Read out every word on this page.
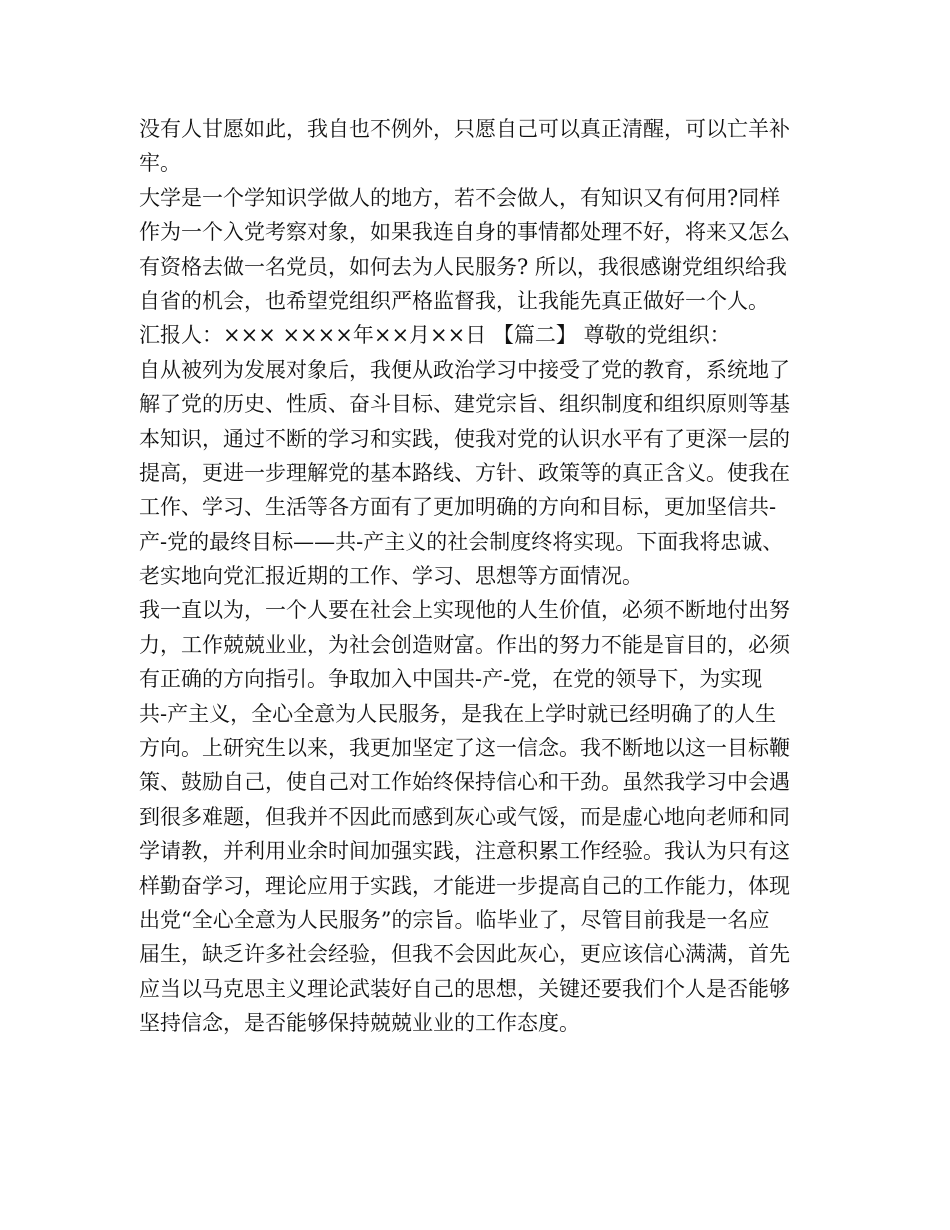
没有人甘愿如此，我自也不例外，只愿自己可以真正清醒，可以亡羊补
牢。
大学是一个学知识学做人的地方，若不会做人，有知识又有何用?同样
作为一个入党考察对象，如果我连自身的事情都处理不好，将来又怎么
有资格去做一名党员，如何去为人民服务? 所以，我很感谢党组织给我
自省的机会，也希望党组织严格监督我，让我能先真正做好一个人。
汇报人：××× ××××年××月××日 【篇二】 尊敬的党组织：
自从被列为发展对象后，我便从政治学习中接受了党的教育，系统地了
解了党的历史、性质、奋斗目标、建党宗旨、组织制度和组织原则等基
本知识，通过不断的学习和实践，使我对党的认识水平有了更深一层的
提高，更进一步理解党的基本路线、方针、政策等的真正含义。使我在
工作、学习、生活等各方面有了更加明确的方向和目标，更加坚信共-
产-党的最终目标——共-产主义的社会制度终将实现。下面我将忠诚、
老实地向党汇报近期的工作、学习、思想等方面情况。
我一直以为，一个人要在社会上实现他的人生价值，必须不断地付出努
力，工作兢兢业业，为社会创造财富。作出的努力不能是盲目的，必须
有正确的方向指引。争取加入中国共-产-党，在党的领导下，为实现
共-产主义，全心全意为人民服务，是我在上学时就已经明确了的人生
方向。上研究生以来，我更加坚定了这一信念。我不断地以这一目标鞭
策、鼓励自己，使自己对工作始终保持信心和干劲。虽然我学习中会遇
到很多难题，但我并不因此而感到灰心或气馁，而是虚心地向老师和同
学请教，并利用业余时间加强实践，注意积累工作经验。我认为只有这
样勤奋学习，理论应用于实践，才能进一步提高自己的工作能力，体现
出党“全心全意为人民服务”的宗旨。临毕业了，尽管目前我是一名应
届生，缺乏许多社会经验，但我不会因此灰心，更应该信心满满，首先
应当以马克思主义理论武装好自己的思想，关键还要我们个人是否能够
坚持信念，是否能够保持兢兢业业的工作态度。
